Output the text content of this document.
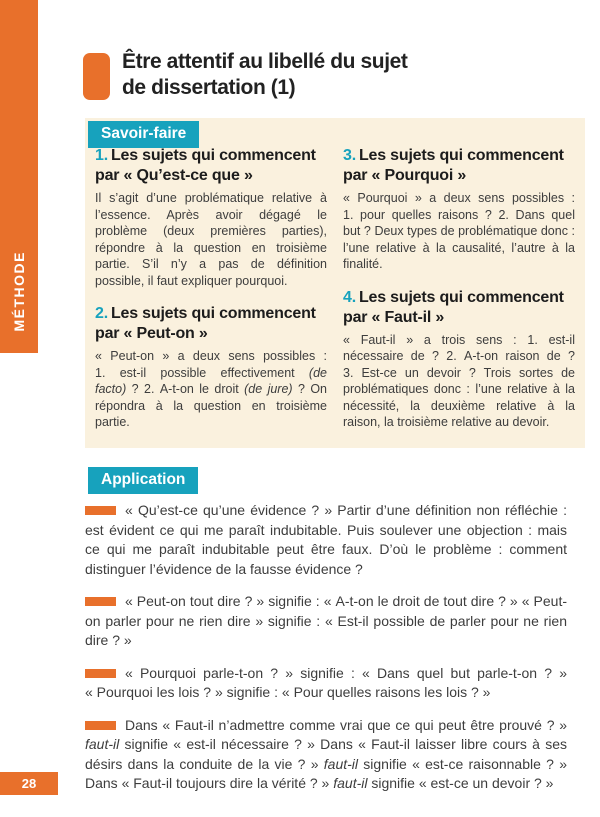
MÉTHODE
Être attentif au libellé du sujet
de dissertation (1)
Savoir-faire
1. Les sujets qui commencent par « Qu’est-ce que »
Il s’agit d’une problématique relative à l’essence. Après avoir dégagé le problème (deux premières parties), répondre à la question en troisième partie. S’il n’y a pas de définition possible, il faut expliquer pourquoi.
2. Les sujets qui commencent par « Peut-on »
« Peut-on » a deux sens possibles : 1. est-il possible effectivement (de facto) ? 2. A-t-on le droit (de jure) ? On répondra à la question en troisième partie.
3. Les sujets qui commencent par « Pourquoi »
« Pourquoi » a deux sens possibles : 1. pour quelles raisons ? 2. Dans quel but ? Deux types de problématique donc : l’une relative à la causalité, l’autre à la finalité.
4. Les sujets qui commencent par « Faut-il »
« Faut-il » a trois sens : 1. est-il nécessaire de ? 2. A-t-on raison de ? 3. Est-ce un devoir ? Trois sortes de problématiques donc : l’une relative à la nécessité, la deuxième relative à la raison, la troisième relative au devoir.
Application

« Qu’est-ce qu’une évidence ? » Partir d’une définition non réfléchie : est évident ce qui me paraît indubitable. Puis soulever une objection : mais ce qui me paraît indubitable peut être faux. D’où le problème : comment distinguer l’évidence de la fausse évidence ?

« Peut-on tout dire ? » signifie : « A-t-on le droit de tout dire ? » « Peut-on parler pour ne rien dire » signifie : « Est-il possible de parler pour ne rien dire ? »

« Pourquoi parle-t-on ? » signifie : « Dans quel but parle-t-on ? » « Pourquoi les lois ? » signifie : « Pour quelles raisons les lois ? »

Dans « Faut-il n’admettre comme vrai que ce qui peut être prouvé ? » faut-il signifie « est-il nécessaire ? » Dans « Faut-il laisser libre cours à ses désirs dans la conduite de la vie ? » faut-il signifie « est-ce raisonnable ? » Dans « Faut-il toujours dire la vérité ? » faut-il signifie « est-ce un devoir ? »

28
